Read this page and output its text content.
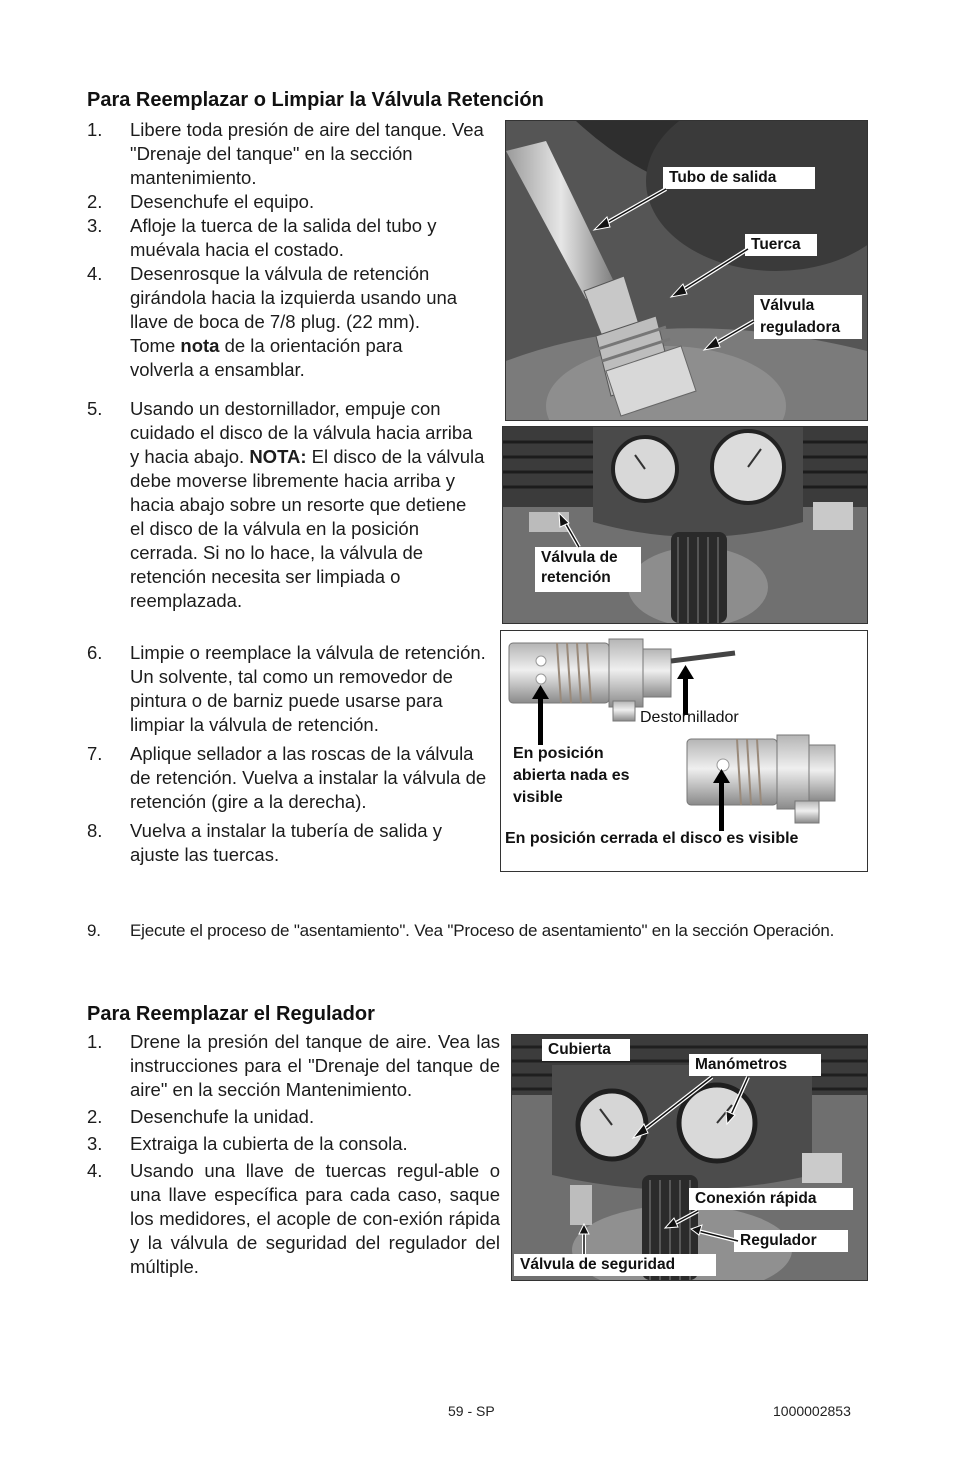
Para Reemplazar o Limpiar la Válvula Retención
1. Libere toda presión de aire del tanque. Vea "Drenaje del tanque" en la sección mantenimiento.
2. Desenchufe el equipo.
3. Afloje la tuerca de la salida del tubo y muévala hacia el costado.
4. Desenrosque la válvula de retención girándola hacia la izquierda usando una llave de boca de 7/8 plug. (22 mm). Tome nota de la orientación para volverla a ensamblar.
5. Usando un destornillador, empuje con cuidado el disco de la válvula hacia arriba y hacia abajo. NOTA: El disco de la válvula debe moverse libremente hacia arriba y hacia abajo sobre un resorte que detiene el disco de la válvula en la posición cerrada. Si no lo hace, la válvula de retención necesita ser limpiada o reemplazada.
6. Limpie o reemplace la válvula de retención. Un solvente, tal como un removedor de pintura o de barniz puede usarse para limpiar la válvula de retención.
7. Aplique sellador a las roscas de la válvula de retención. Vuelva a instalar la válvula de retención (gire a la derecha).
8. Vuelva a instalar la tubería de salida y ajuste las tuercas.
9. Ejecute el proceso de "asentamiento". Vea "Proceso de asentamiento" en la sección Operación.
Tubo de salida
Tuerca
Válvula
reguladora
Válvula de
retención
Destornillador
En posición
abierta nada es
visible
En posición cerrada el disco es visible
Para Reemplazar el Regulador
1. Drene la presión del tanque de aire. Vea las instrucciones para el "Drenaje del tanque de aire" en la sección Mantenimiento.
2. Desenchufe la unidad.
3. Extraiga la cubierta de la consola.
4. Usando una llave de tuercas regul-able o una llave específica para cada caso, saque los medidores, el acople de con-exión rápida y la válvula de seguridad del regulador del múltiple.
Cubierta
Manómetros
Conexión rápida
Regulador
Válvula de seguridad
59 - SP	1000002853
